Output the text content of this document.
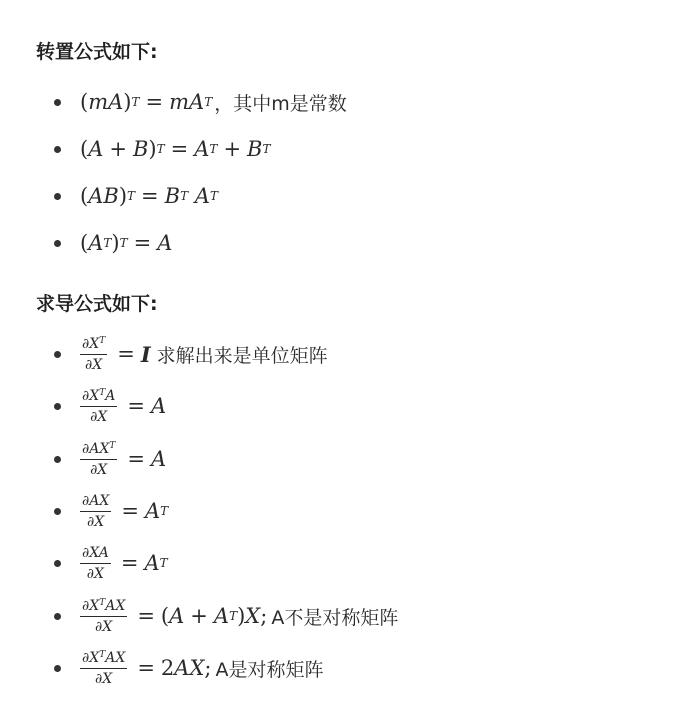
转置公式如下:
( mA ) T = mA T ，其中m是常数
( A + B ) T = A T + B T
( AB ) T = B T
A T
( A T ) T = A
求导公式如下:
$\frac{\partial X^T}{\partial X} = I$ 求解出来是单位矩阵
$\frac{\partial X^TA}{\partial X} = A$
$\frac{\partial AX^T}{\partial X} = A$
$\frac{\partial AX}{\partial X} = A$ T
$\frac{\partial XA}{\partial X} = A$ T
$\frac{\partial X^TAX}{\partial X}$ = ( A + A T ) X ; A不是对称矩阵
$\frac{\partial X^TAX}{\partial X} = 2$ AX ; A是对称矩阵
